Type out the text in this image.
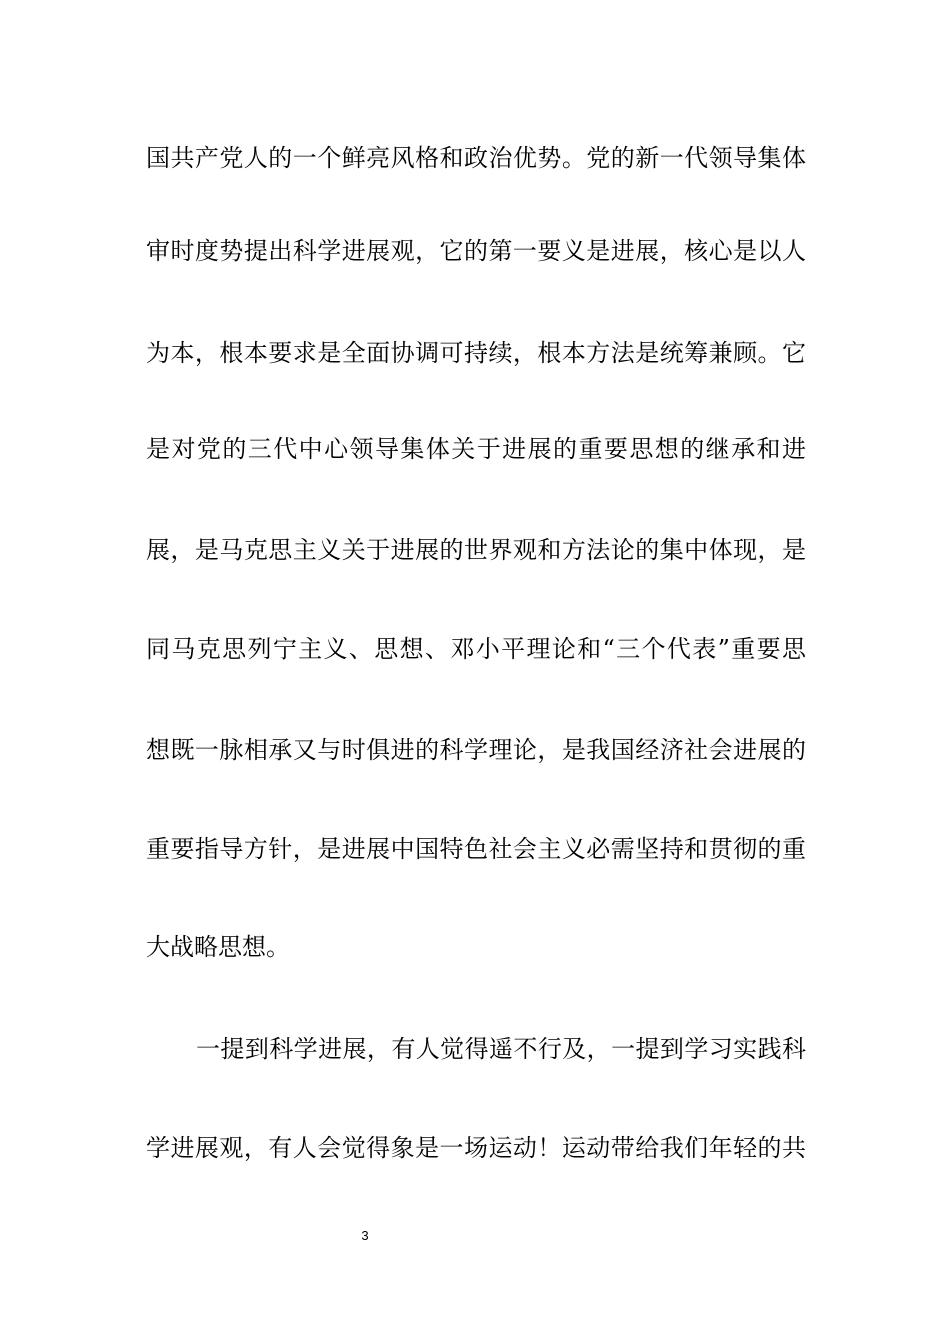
国共产党人的一个鲜亮风格和政治优势。党的新一代领导集体
审时度势提出科学进展观，它的第一要义是进展，核心是以人
为本，根本要求是全面协调可持续，根本方法是统筹兼顾。它
是对党的三代中心领导集体关于进展的重要思想的继承和进
展，是马克思主义关于进展的世界观和方法论的集中体现，是
同马克思列宁主义、思想、邓小平理论和“三个代表”重要思
想既一脉相承又与时俱进的科学理论，是我国经济社会进展的
重要指导方针，是进展中国特色社会主义必需坚持和贯彻的重
大战略思想。
一提到科学进展，有人觉得遥不行及，一提到学习实践科
学进展观，有人会觉得象是一场运动！运动带给我们年轻的共
3
